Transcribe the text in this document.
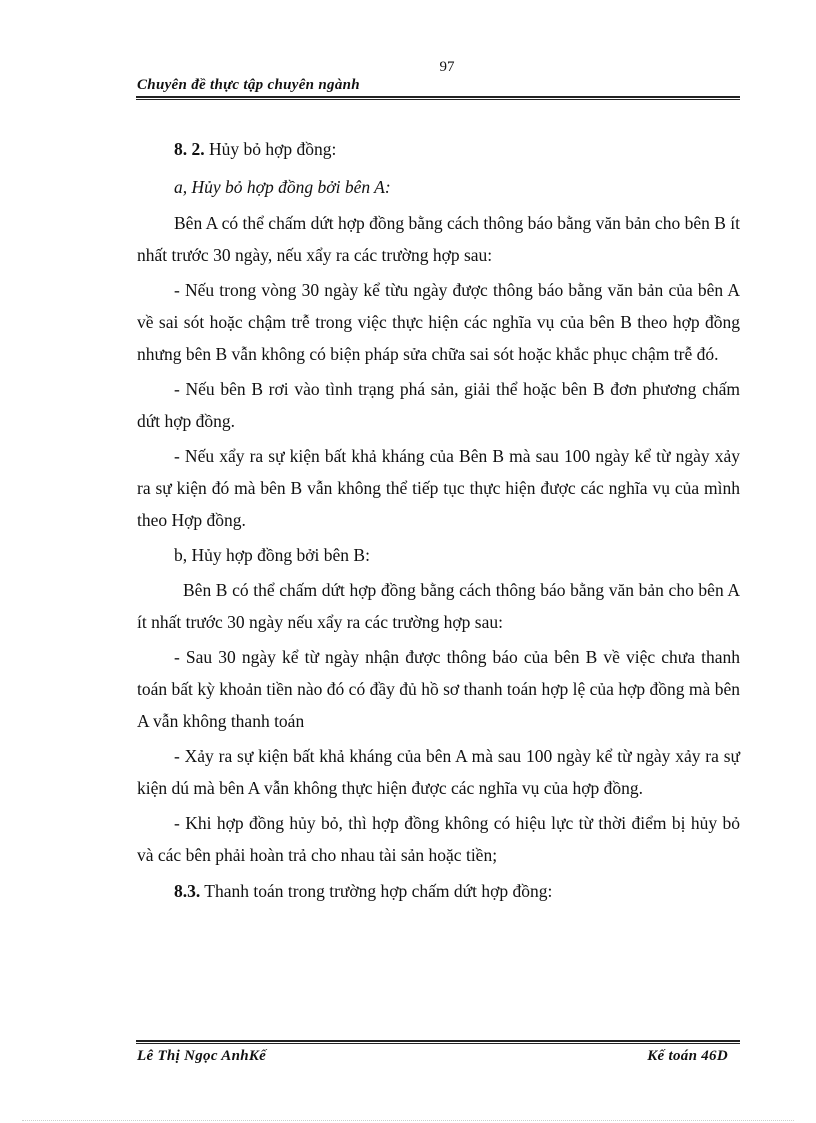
97
Chuyên đề thực tập chuyên ngành

8. 2. Hủy bỏ hợp đồng:

a, Hủy bỏ hợp đồng bởi bên A:

Bên A có thể chấm dứt hợp đồng bằng cách thông báo bằng văn bản cho bên B ít nhất trước 30 ngày, nếu xẩy ra các trường hợp sau:

- Nếu trong vòng 30 ngày kể từu ngày được thông báo bằng văn bản của bên A về sai sót hoặc chậm trễ trong việc thực hiện các nghĩa vụ của bên B theo hợp đồng nhưng bên B vẫn không có biện pháp sửa chữa sai sót hoặc khắc phục chậm trễ đó.

- Nếu bên B rơi vào tình trạng phá sản, giải thể hoặc bên B đơn phương chấm dứt hợp đồng.

- Nếu xẩy ra sự kiện bất khả kháng của Bên B mà sau 100 ngày kể từ ngày xảy ra sự kiện đó mà bên B vẫn không thể tiếp tục thực hiện được các nghĩa vụ của mình theo Hợp đồng.

b, Hủy hợp đồng bởi bên B:

Bên B có thể chấm dứt hợp đồng bằng cách thông báo bằng văn bản cho bên A ít nhất trước 30 ngày nếu xẩy ra các trường hợp sau:

- Sau 30 ngày kể từ ngày nhận được thông báo của bên B về việc chưa thanh toán bất kỳ khoản tiền nào đó có đầy đủ hồ sơ thanh toán hợp lệ của hợp đồng mà bên A vẫn không thanh toán

- Xảy ra sự kiện bất khả kháng của bên A mà sau 100 ngày kể từ ngày xảy ra sự kiện dú mà bên A vẫn không thực hiện được các nghĩa vụ của hợp đồng.

- Khi hợp đồng hủy bỏ, thì hợp đồng không có hiệu lực từ thời điểm bị hủy bỏ và các bên phải hoàn trả cho nhau tài sản hoặc tiền;

8.3. Thanh toán trong trường hợp chấm dứt hợp đồng:

Lê Thị Ngọc AnhKế	Kế toán 46D
